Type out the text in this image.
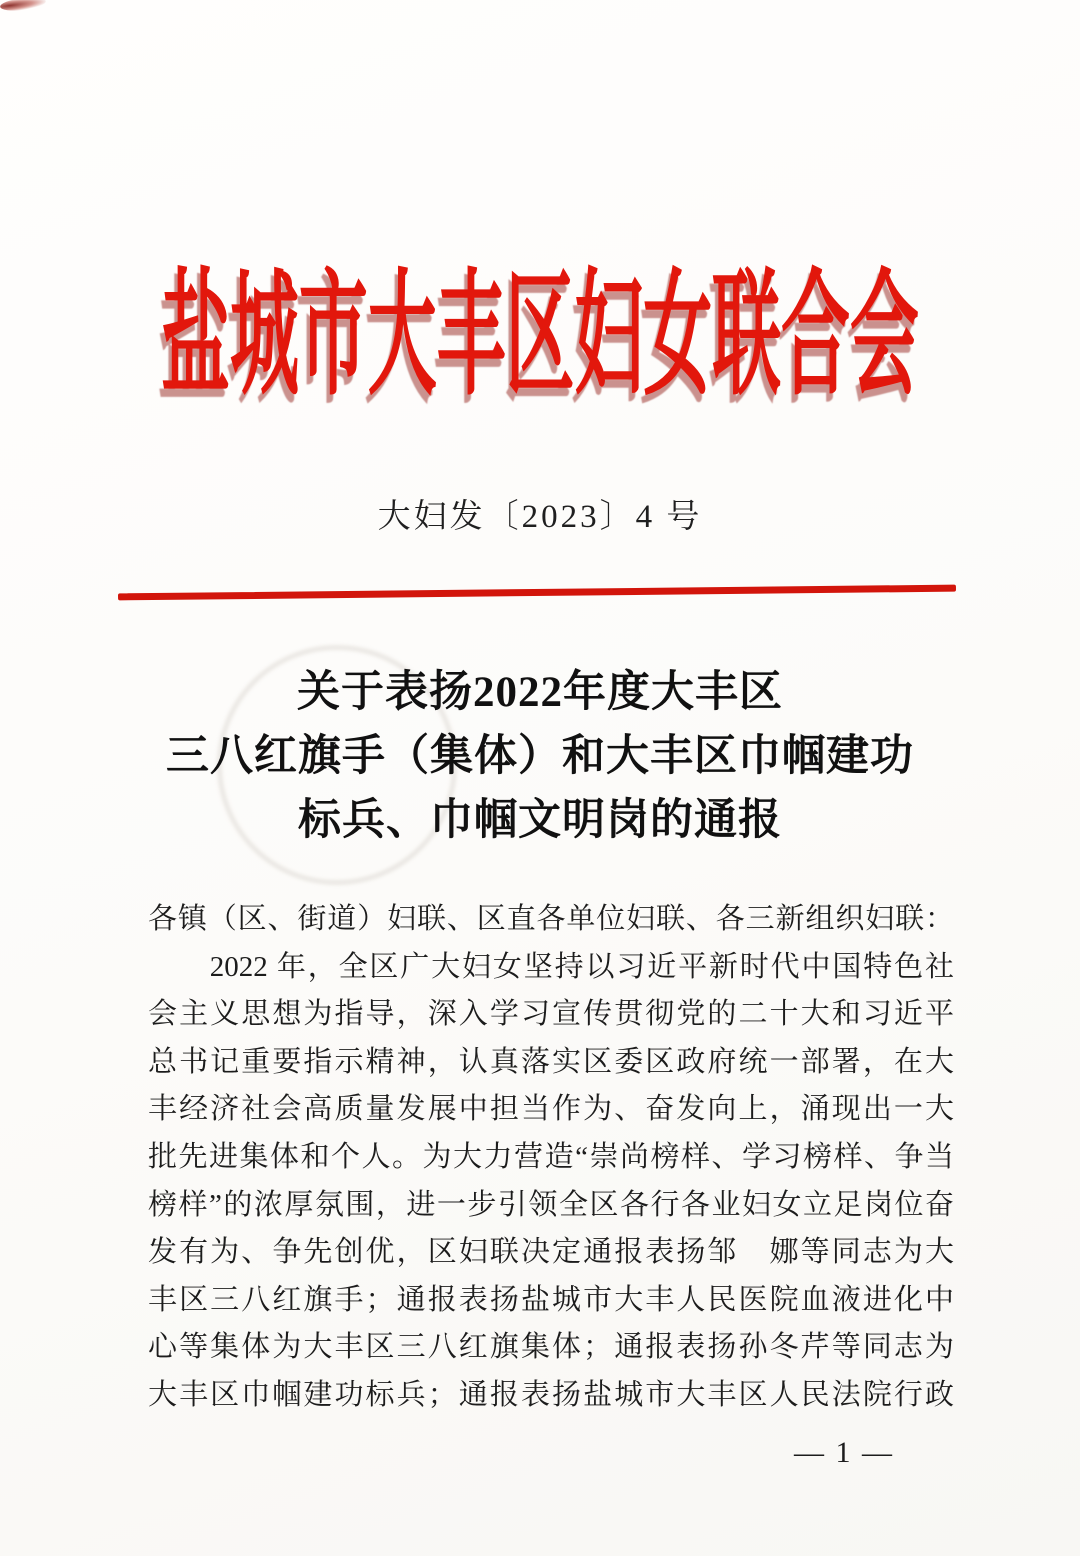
盐城市大丰区妇女联合会
大妇发〔2023〕4 号
关于表扬2022年度大丰区
三八红旗手（集体）和大丰区巾帼建功
标兵、巾帼文明岗的通报
各镇（区、街道）妇联、区直各单位妇联、各三新组织妇联：
　　2022 年，全区广大妇女坚持以习近平新时代中国特色社
会主义思想为指导，深入学习宣传贯彻党的二十大和习近平
总书记重要指示精神，认真落实区委区政府统一部署，在大
丰经济社会高质量发展中担当作为、奋发向上，涌现出一大
批先进集体和个人。为大力营造“崇尚榜样、学习榜样、争当
榜样”的浓厚氛围，进一步引领全区各行各业妇女立足岗位奋
发有为、争先创优，区妇联决定通报表扬邹　娜等同志为大
丰区三八红旗手；通报表扬盐城市大丰人民医院血液进化中
心等集体为大丰区三八红旗集体；通报表扬孙冬芹等同志为
大丰区巾帼建功标兵；通报表扬盐城市大丰区人民法院行政
— 1 —
